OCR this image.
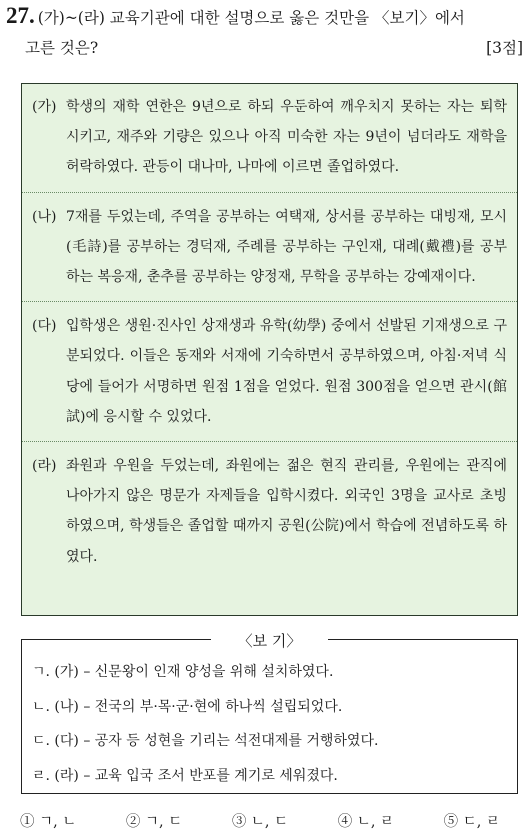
27. (가)~(라) 교육기관에 대한 설명으로 옳은 것만을 〈보기〉에서
고른 것은?	[3점]
(가) 학생의 재학 연한은 9년으로 하되 우둔하여 깨우치지 못하는 자는 퇴학시키고, 재주와 기량은 있으나 아직 미숙한 자는 9년이 넘더라도 재학을 허락하였다. 관등이 대나마, 나마에 이르면 졸업하였다.
(나) 7재를 두었는데, 주역을 공부하는 여택재, 상서를 공부하는 대빙재, 모시(毛詩)를 공부하는 경덕재, 주례를 공부하는 구인재, 대례(戴禮)를 공부하는 복응재, 춘추를 공부하는 양정재, 무학을 공부하는 강예재이다.
(다) 입학생은 생원·진사인 상재생과 유학(幼學) 중에서 선발된 기재생으로 구분되었다. 이들은 동재와 서재에 기숙하면서 공부하였으며, 아침·저녁 식당에 들어가 서명하면 원점 1점을 얻었다. 원점 300점을 얻으면 관시(館試)에 응시할 수 있었다.
(라) 좌원과 우원을 두었는데, 좌원에는 젊은 현직 관리를, 우원에는 관직에 나아가지 않은 명문가 자제들을 입학시켰다. 외국인 3명을 교사로 초빙하였으며, 학생들은 졸업할 때까지 공원(公院)에서 학습에 전념하도록 하였다.
ㄱ. (가) – 신문왕이 인재 양성을 위해 설치하였다.
ㄴ. (나) – 전국의 부·목·군·현에 하나씩 설립되었다.
ㄷ. (다) – 공자 등 성현을 기리는 석전대제를 거행하였다.
ㄹ. (라) – 교육 입국 조서 반포를 계기로 세워졌다.
〈보 기〉
① ㄱ, ㄴ	② ㄱ, ㄷ	③ ㄴ, ㄷ	④ ㄴ, ㄹ	⑤ ㄷ, ㄹ
